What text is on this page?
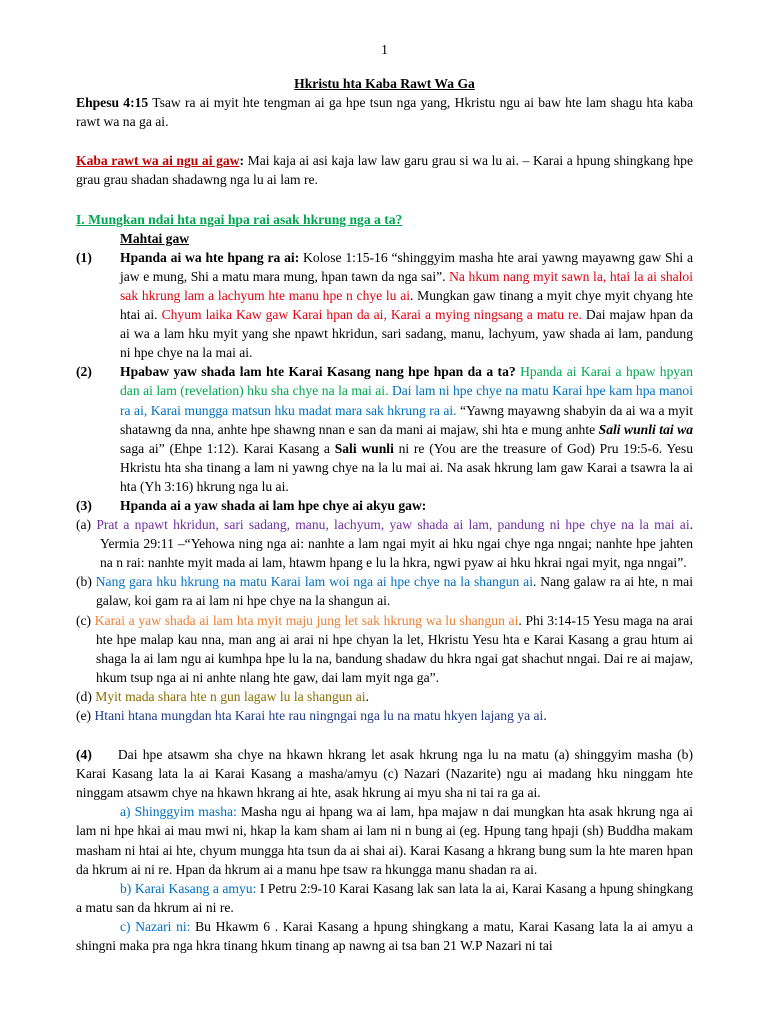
1
Hkristu hta Kaba Rawt Wa Ga

Ehpesu 4:15 Tsaw ra ai myit hte tengman ai ga hpe tsun nga yang, Hkristu ngu ai baw hte lam shagu hta kaba rawt wa na ga ai.

Kaba rawt wa ai ngu ai gaw: Mai kaja ai asi kaja law law garu grau si wa lu ai. – Karai a hpung shingkang hpe grau grau shadan shadawng nga lu ai lam re.

I. Mungkan ndai hta ngai hpa rai asak hkrung nga a ta?
Mahtai gaw
(1) Hpanda ai wa hte hpang ra ai: Kolose 1:15-16 “shinggyim masha hte arai yawng mayawng gaw Shi a jaw e mung, Shi a matu mara mung, hpan tawn da nga sai”. Na hkum nang myit sawn la, htai la ai shaloi sak hkrung lam a lachyum hte manu hpe n chye lu ai. Mungkan gaw tinang a myit chye myit chyang hte htai ai. Chyum laika Kaw gaw Karai hpan da ai, Karai a mying ningsang a matu re. Dai majaw hpan da ai wa a lam hku myit yang she npawt hkridun, sari sadang, manu, lachyum, yaw shada ai lam, pandung ni hpe chye na la mai ai.
(2) Hpabaw yaw shada lam hte Karai Kasang nang hpe hpan da a ta? Hpanda ai Karai a hpaw hpyan dan ai lam (revelation) hku sha chye na la mai ai. Dai lam ni hpe chye na matu Karai hpe kam hpa manoi ra ai, Karai mungga matsun hku madat mara sak hkrung ra ai. “Yawng mayawng shabyin da ai wa a myit shatawng da nna, anhte hpe shawng nnan e san da mani ai majaw, shi hta e mung anhte Sali wunli tai wa saga ai” (Ehpe 1:12). Karai Kasang a Sali wunli ni re (You are the treasure of God) Pru 19:5-6. Yesu Hkristu hta sha tinang a lam ni yawng chye na la lu mai ai. Na asak hkrung lam gaw Karai a tsawra la ai hta (Yh 3:16) hkrung nga lu ai.
(3) Hpanda ai a yaw shada ai lam hpe chye ai akyu gaw:

(a) Prat a npawt hkridun, sari sadang, manu, lachyum, yaw shada ai lam, pandung ni hpe chye na la mai ai. Yermia 29:11 –“Yehowa ning nga ai: nanhte a lam ngai myit ai hku ngai chye nga nngai; nanhte hpe jahten na n rai: nanhte myit mada ai lam, htawm hpang e lu la hkra, ngwi pyaw ai hku hkrai ngai myit, nga nngai”.

(b) Nang gara hku hkrung na matu Karai lam woi nga ai hpe chye na la shangun ai. Nang galaw ra ai hte, n mai galaw, koi gam ra ai lam ni hpe chye na la shangun ai.

(c) Karai a yaw shada ai lam hta myit maju jung let sak hkrung wa lu shangun ai. Phi 3:14-15 Yesu maga na arai hte hpe malap kau nna, man ang ai arai ni hpe chyan la let, Hkristu Yesu hta e Karai Kasang a grau htum ai shaga la ai lam ngu ai kumhpa hpe lu la na, bandung shadaw du hkra ngai gat shachut nngai. Dai re ai majaw, hkum tsup nga ai ni anhte nlang hte gaw, dai lam myit nga ga”.

(d) Myit mada shara hte n gun lagaw lu la shangun ai.

(e) Htani htana mungdan hta Karai hte rau ningngai nga lu na matu hkyen lajang ya ai.

(4) Dai hpe atsawm sha chye na hkawn hkrang let asak hkrung nga lu na matu (a) shinggyim masha (b) Karai Kasang lata la ai Karai Kasang a masha/amyu (c) Nazari (Nazarite) ngu ai madang hku ninggam hte ninggam atsawm chye na hkawn hkrang ai hte, asak hkrung ai myu sha ni tai ra ga ai.

a) Shinggyim masha: Masha ngu ai hpang wa ai lam, hpa majaw n dai mungkan hta asak hkrung nga ai lam ni hpe hkai ai mau mwi ni, hkap la kam sham ai lam ni n bung ai (eg. Hpung tang hpaji (sh) Buddha makam masham ni htai ai hte, chyum mungga hta tsun da ai shai ai). Karai Kasang a hkrang bung sum la hte maren hpan da hkrum ai ni re. Hpan da hkrum ai a manu hpe tsaw ra hkungga manu shadan ra ai.

b) Karai Kasang a amyu: I Petru 2:9-10 Karai Kasang lak san lata la ai, Karai Kasang a hpung shingkang a matu san da hkrum ai ni re.

c) Nazari ni: Bu Hkawm 6 . Karai Kasang a hpung shingkang a matu, Karai Kasang lata la ai amyu a shingni maka pra nga hkra tinang hkum tinang ap nawng ai tsa ban 21 W.P Nazari ni tai
